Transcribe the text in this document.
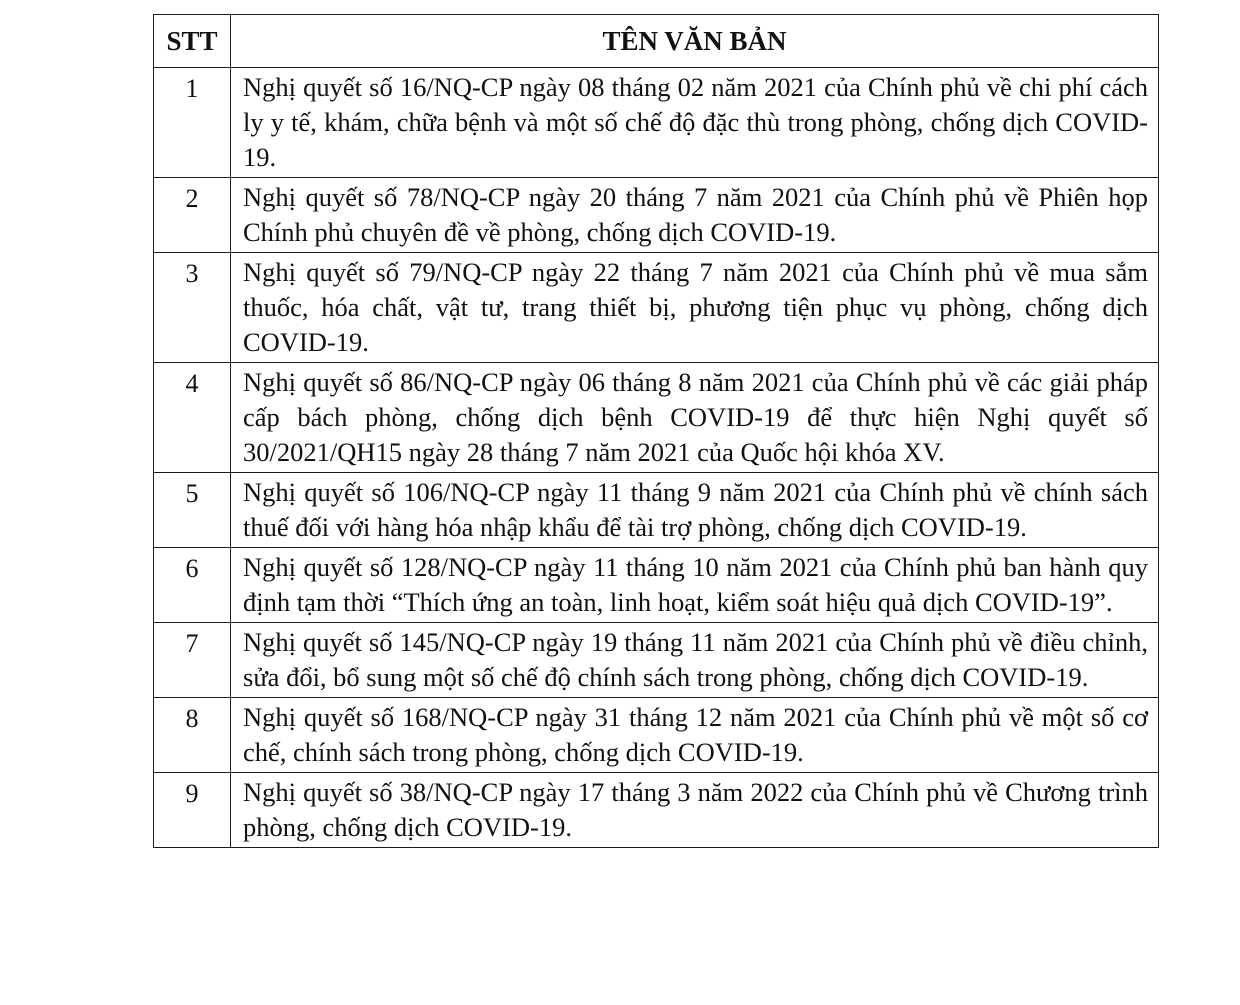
STT	TÊN VĂN BẢN
1	Nghị quyết số 16/NQ-CP ngày 08 tháng 02 năm 2021 của Chính phủ về chi phí cách ly y tế, khám, chữa bệnh và một số chế độ đặc thù trong phòng, chống dịch COVID-19.
2	Nghị quyết số 78/NQ-CP ngày 20 tháng 7 năm 2021 của Chính phủ về Phiên họp Chính phủ chuyên đề về phòng, chống dịch COVID-19.
3	Nghị quyết số 79/NQ-CP ngày 22 tháng 7 năm 2021 của Chính phủ về mua sắm thuốc, hóa chất, vật tư, trang thiết bị, phương tiện phục vụ phòng, chống dịch COVID-19.
4	Nghị quyết số 86/NQ-CP ngày 06 tháng 8 năm 2021 của Chính phủ về các giải pháp cấp bách phòng, chống dịch bệnh COVID-19 để thực hiện Nghị quyết số 30/2021/QH15 ngày 28 tháng 7 năm 2021 của Quốc hội khóa XV.
5	Nghị quyết số 106/NQ-CP ngày 11 tháng 9 năm 2021 của Chính phủ về chính sách thuế đối với hàng hóa nhập khẩu để tài trợ phòng, chống dịch COVID-19.
6	Nghị quyết số 128/NQ-CP ngày 11 tháng 10 năm 2021 của Chính phủ ban hành quy định tạm thời “Thích ứng an toàn, linh hoạt, kiểm soát hiệu quả dịch COVID-19”.
7	Nghị quyết số 145/NQ-CP ngày 19 tháng 11 năm 2021 của Chính phủ về điều chỉnh, sửa đổi, bổ sung một số chế độ chính sách trong phòng, chống dịch COVID-19.
8	Nghị quyết số 168/NQ-CP ngày 31 tháng 12 năm 2021 của Chính phủ về một số cơ chế, chính sách trong phòng, chống dịch COVID-19.
9	Nghị quyết số 38/NQ-CP ngày 17 tháng 3 năm 2022 của Chính phủ về Chương trình phòng, chống dịch COVID-19.
